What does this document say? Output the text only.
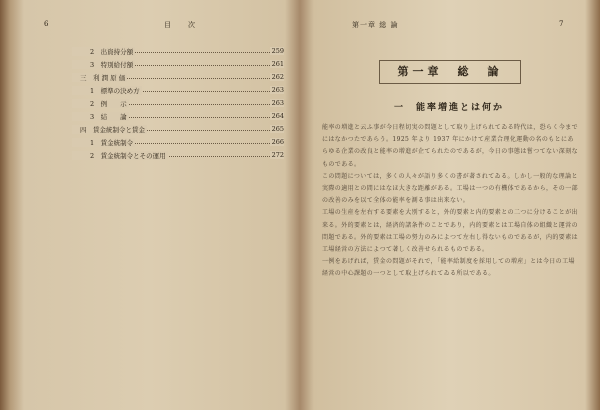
6	目　　次
2　出資持分額	259
3　特別給付額	261
三　利 潤 原 価	262
1　標準の決め方	263
2　例　　示	263
3　結　　論	264
四　賃金統制令と賃金	265
1　賃金統制令	266
2　賃金統制令とその運用	272
第一章 総 論	7
第一章　総　論
一　能率増進とは何か

能率の増進と云ふ事が今日程切実の問題として取り上げられてゐる時代は，恐らく今までにはなかつたであらう。1925 年より 1937 年にかけて産業合理化運動の名のもとにあらゆる企業の改良と能率の増進が企てられたのであるが，今日の事態は嘗つてない深刻なものである。

この問題については，多くの人々が語り多くの書が著されてゐる。しかし一般的な理論と実際の適用との間にはなほ大きな距離がある。工場は一つの有機体であるから，その一部の改善のみを以て全体の能率を測る事は出来ない。

工場の生産を左右する要素を大別すると，外的要素と内的要素との二つに分けることが出来る。外的要素とは，経済的諸条件のことであり，内的要素とは工場自体の組織と運営の問題である。外的要素は工場の努力のみによつて左右し得ないものであるが，内的要素は工場経営の方法によつて著しく改善せられるものである。

一例をあげれば，賃金の問題がそれで，「能率給制度を採用しての増産」とは今日の工場経営の中心課題の一つとして取上げられてゐる所以である。
